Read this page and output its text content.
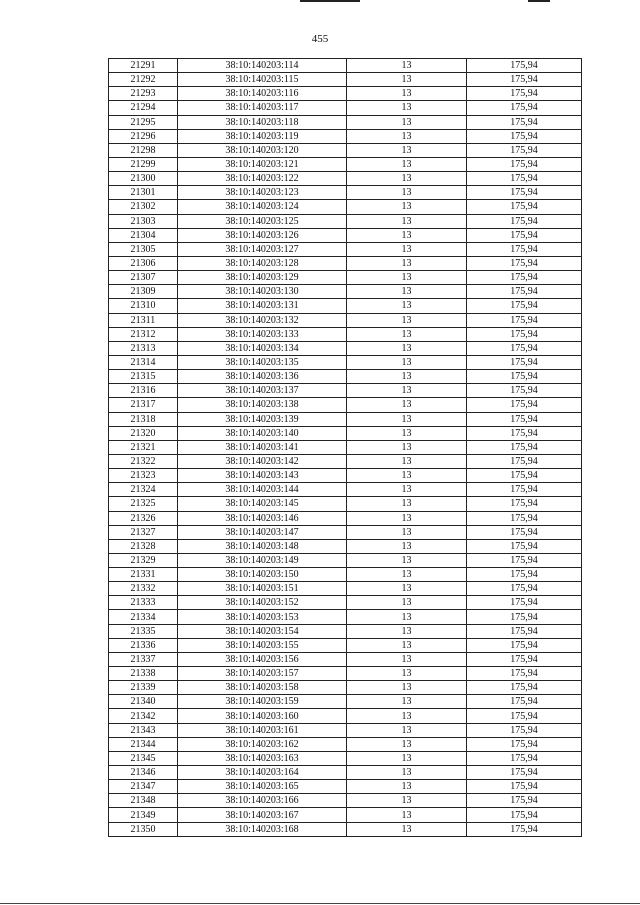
455
21291	38:10:140203:114	13	175,94
21292	38:10:140203:115	13	175,94
21293	38:10:140203:116	13	175,94
21294	38:10:140203:117	13	175,94
21295	38:10:140203:118	13	175,94
21296	38:10:140203:119	13	175,94
21298	38:10:140203:120	13	175,94
21299	38:10:140203:121	13	175,94
21300	38:10:140203:122	13	175,94
21301	38:10:140203:123	13	175,94
21302	38:10:140203:124	13	175,94
21303	38:10:140203:125	13	175,94
21304	38:10:140203:126	13	175,94
21305	38:10:140203:127	13	175,94
21306	38:10:140203:128	13	175,94
21307	38:10:140203:129	13	175,94
21309	38:10:140203:130	13	175,94
21310	38:10:140203:131	13	175,94
21311	38:10:140203:132	13	175,94
21312	38:10:140203:133	13	175,94
21313	38:10:140203:134	13	175,94
21314	38:10:140203:135	13	175,94
21315	38:10:140203:136	13	175,94
21316	38:10:140203:137	13	175,94
21317	38:10:140203:138	13	175,94
21318	38:10:140203:139	13	175,94
21320	38:10:140203:140	13	175,94
21321	38:10:140203:141	13	175,94
21322	38:10:140203:142	13	175,94
21323	38:10:140203:143	13	175,94
21324	38:10:140203:144	13	175,94
21325	38:10:140203:145	13	175,94
21326	38:10:140203:146	13	175,94
21327	38:10:140203:147	13	175,94
21328	38:10:140203:148	13	175,94
21329	38:10:140203:149	13	175,94
21331	38:10:140203:150	13	175,94
21332	38:10:140203:151	13	175,94
21333	38:10:140203:152	13	175,94
21334	38:10:140203:153	13	175,94
21335	38:10:140203:154	13	175,94
21336	38:10:140203:155	13	175,94
21337	38:10:140203:156	13	175,94
21338	38:10:140203:157	13	175,94
21339	38:10:140203:158	13	175,94
21340	38:10:140203:159	13	175,94
21342	38:10:140203:160	13	175,94
21343	38:10:140203:161	13	175,94
21344	38:10:140203:162	13	175,94
21345	38:10:140203:163	13	175,94
21346	38:10:140203:164	13	175,94
21347	38:10:140203:165	13	175,94
21348	38:10:140203:166	13	175,94
21349	38:10:140203:167	13	175,94
21350	38:10:140203:168	13	175,94
